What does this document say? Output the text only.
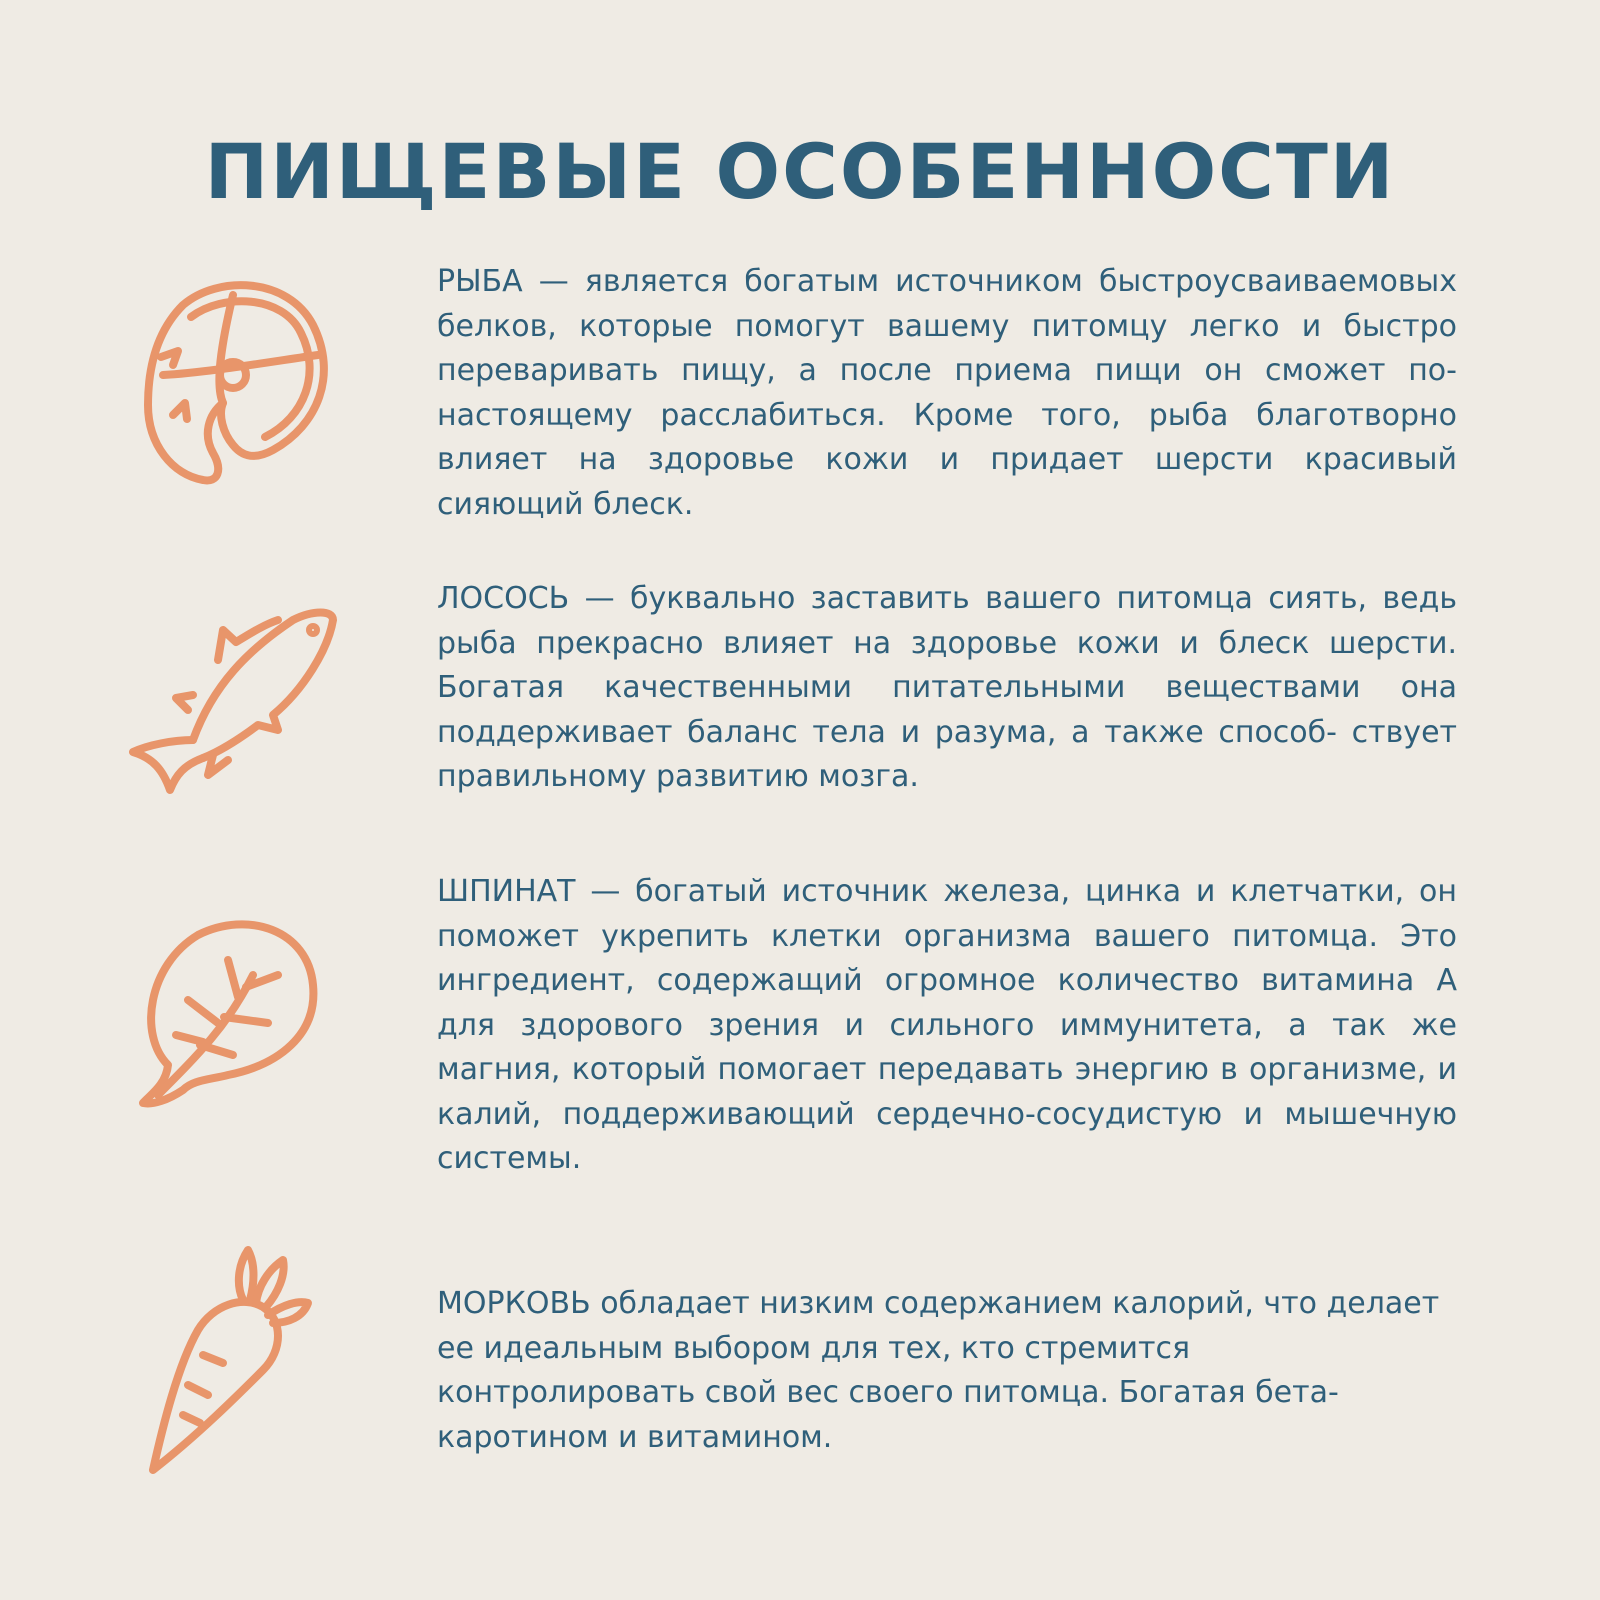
ПИЩЕВЫЕ ОСОБЕННОСТИ

РЫБА — является богатым источником быстроусваиваемовых белков, которые помогут вашему питомцу легко и быстро переваривать пищу, а после приема пищи он сможет по-настоящему расслабиться. Кроме того, рыба благотворно влияет на здоровье кожи и придает шерсти красивый сияющий блеск.

ЛОСОСЬ — буквально заставить вашего питомца сиять, ведь рыба прекрасно влияет на здоровье кожи и блеск шерсти. Богатая качественными питательными веществами она поддерживает баланс тела и разума, а также способ- ствует правильному развитию мозга.

ШПИНАТ — богатый источник железа, цинка и клетчатки, он поможет укрепить клетки организма вашего питомца. Это ингредиент, содержащий огромное количество витамина А для здорового зрения и сильного иммунитета, а так же магния, который помогает передавать энергию в организме, и калий, поддерживающий сердечно-сосудистую и мышечную системы.

МОРКОВЬ обладает низким содержанием калорий, что делает ее идеальным выбором для тех, кто стремится контролировать свой вес своего питомца. Богатая бета-каротином и витамином.
